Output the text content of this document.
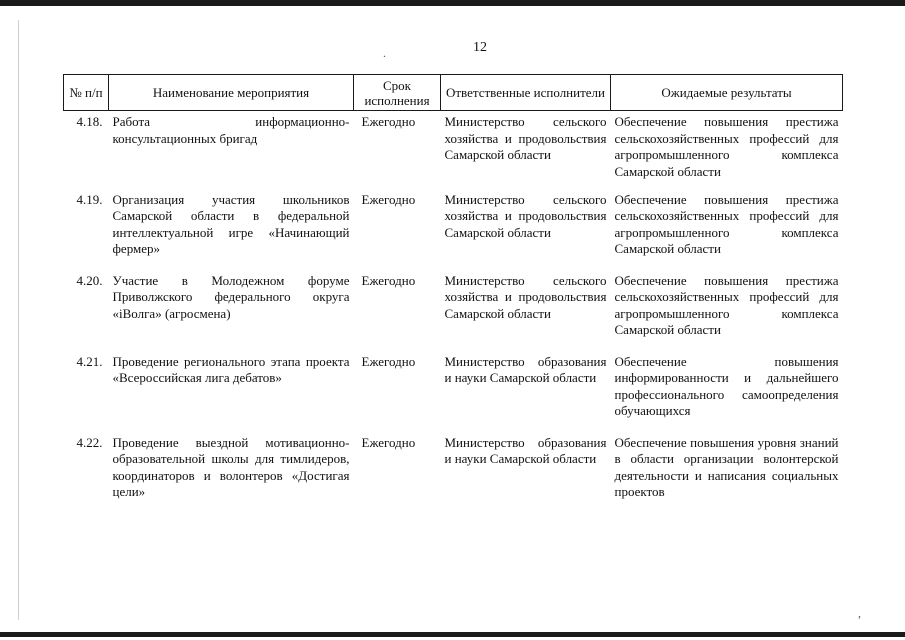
.
,
12
№ п/п	Наименование мероприятия	Срок исполнения	Ответственные исполнители	Ожидаемые результаты
4.18.	Работа информационно-консультационных бригад	Ежегодно	Министерство сельского хозяйства и продовольствия Самарской области	Обеспечение повышения престижа сельскохозяйственных профессий для агропромышленного комплекса Самарской области
4.19.	Организация участия школьников Самарской области в федеральной интеллектуальной игре «Начинающий фермер»	Ежегодно	Министерство сельского хозяйства и продовольствия Самарской области	Обеспечение повышения престижа сельскохозяйственных профессий для агропромышленного комплекса Самарской области
4.20.	Участие в Молодежном форуме Приволжского федерального округа «iВолга» (агросмена)	Ежегодно	Министерство сельского хозяйства и продовольствия Самарской области	Обеспечение повышения престижа сельскохозяйственных профессий для агропромышленного комплекса Самарской области
4.21.	Проведение регионального этапа проекта «Всероссийская лига дебатов»	Ежегодно	Министерство образования и науки Самарской области	Обеспечение повышения информированности и дальнейшего профессионального самоопределения обучающихся
4.22.	Проведение выездной мотивационно-образовательной школы для тимлидеров, координаторов и волонтеров «Достигая цели»	Ежегодно	Министерство образования и науки Самарской области	Обеспечение повышения уровня знаний в области организации волонтерской деятельности и написания социальных проектов
